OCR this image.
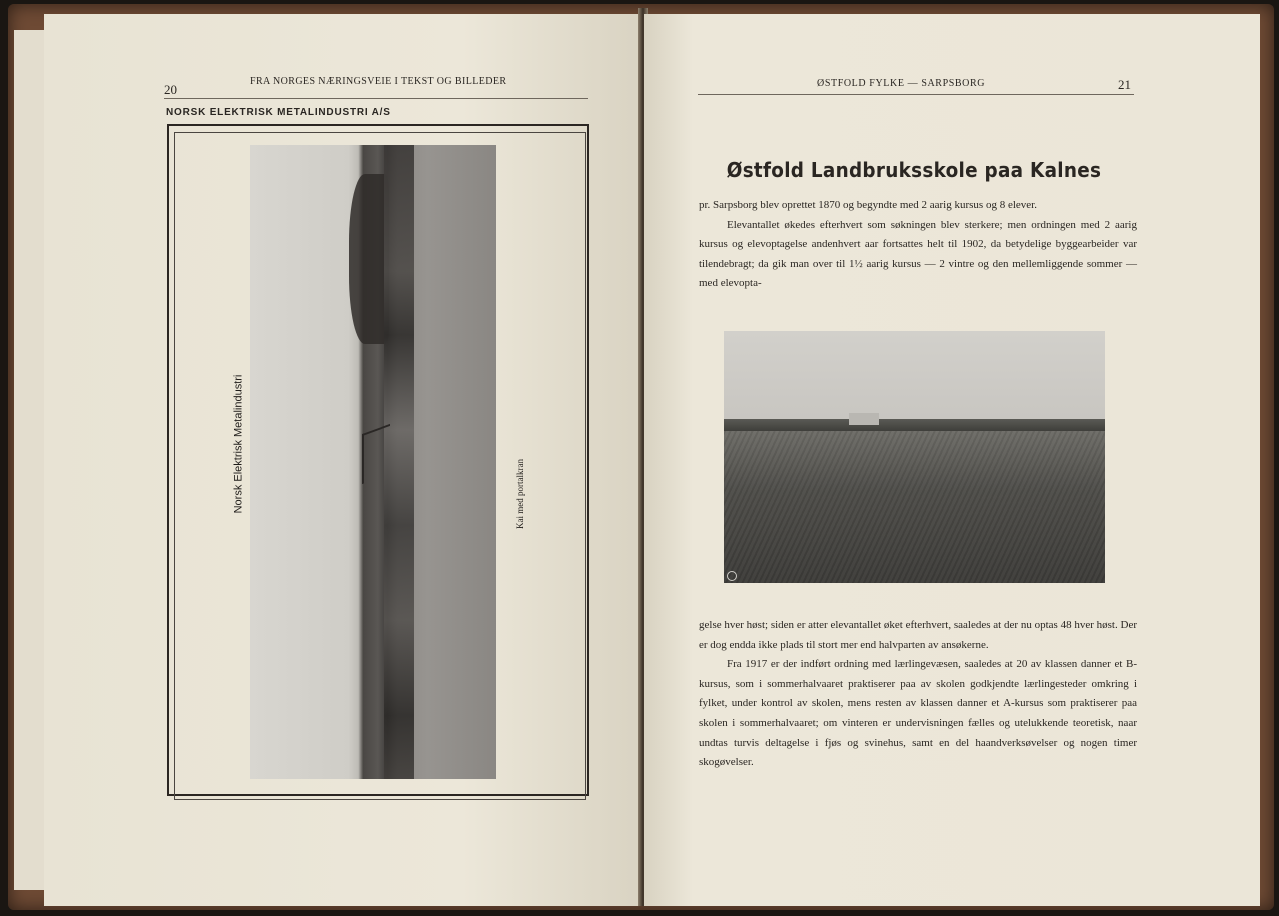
20
FRA NORGES NÆRINGSVEIE I TEKST OG BILLEDER
NORSK ELEKTRISK METALINDUSTRI A/S
Norsk Elektrisk Metalindustri	Kai med portalkran
ØSTFOLD FYLKE — SARPSBORG	21
Østfold Landbruksskole paa Kalnes

pr. Sarpsborg blev oprettet 1870 og begyndte med 2 aarig kursus og 8 elever.

Elevantallet økedes efterhvert som søkningen blev sterkere; men ordningen med 2 aarig kursus og elevoptagelse andenhvert aar fortsattes helt til 1902, da betydelige byggearbeider var tilendebragt; da gik man over til 1½ aarig kursus — 2 vintre og den mellemliggende sommer — med elevopta-

gelse hver høst; siden er atter elevantallet øket efterhvert, saaledes at der nu optas 48 hver høst. Der er dog endda ikke plads til stort mer end halvparten av ansøkerne.

Fra 1917 er der indført ordning med lærlingevæsen, saaledes at 20 av klassen danner et B-kursus, som i sommerhalvaaret praktiserer paa av skolen godkjendte lærlingesteder omkring i fylket, under kontrol av skolen, mens resten av klassen danner et A-kursus som praktiserer paa skolen i sommerhalvaaret; om vinteren er undervisningen fælles og utelukkende teoretisk, naar undtas turvis deltagelse i fjøs og svinehus, samt en del haandverksøvelser og nogen timer skogøvelser.
